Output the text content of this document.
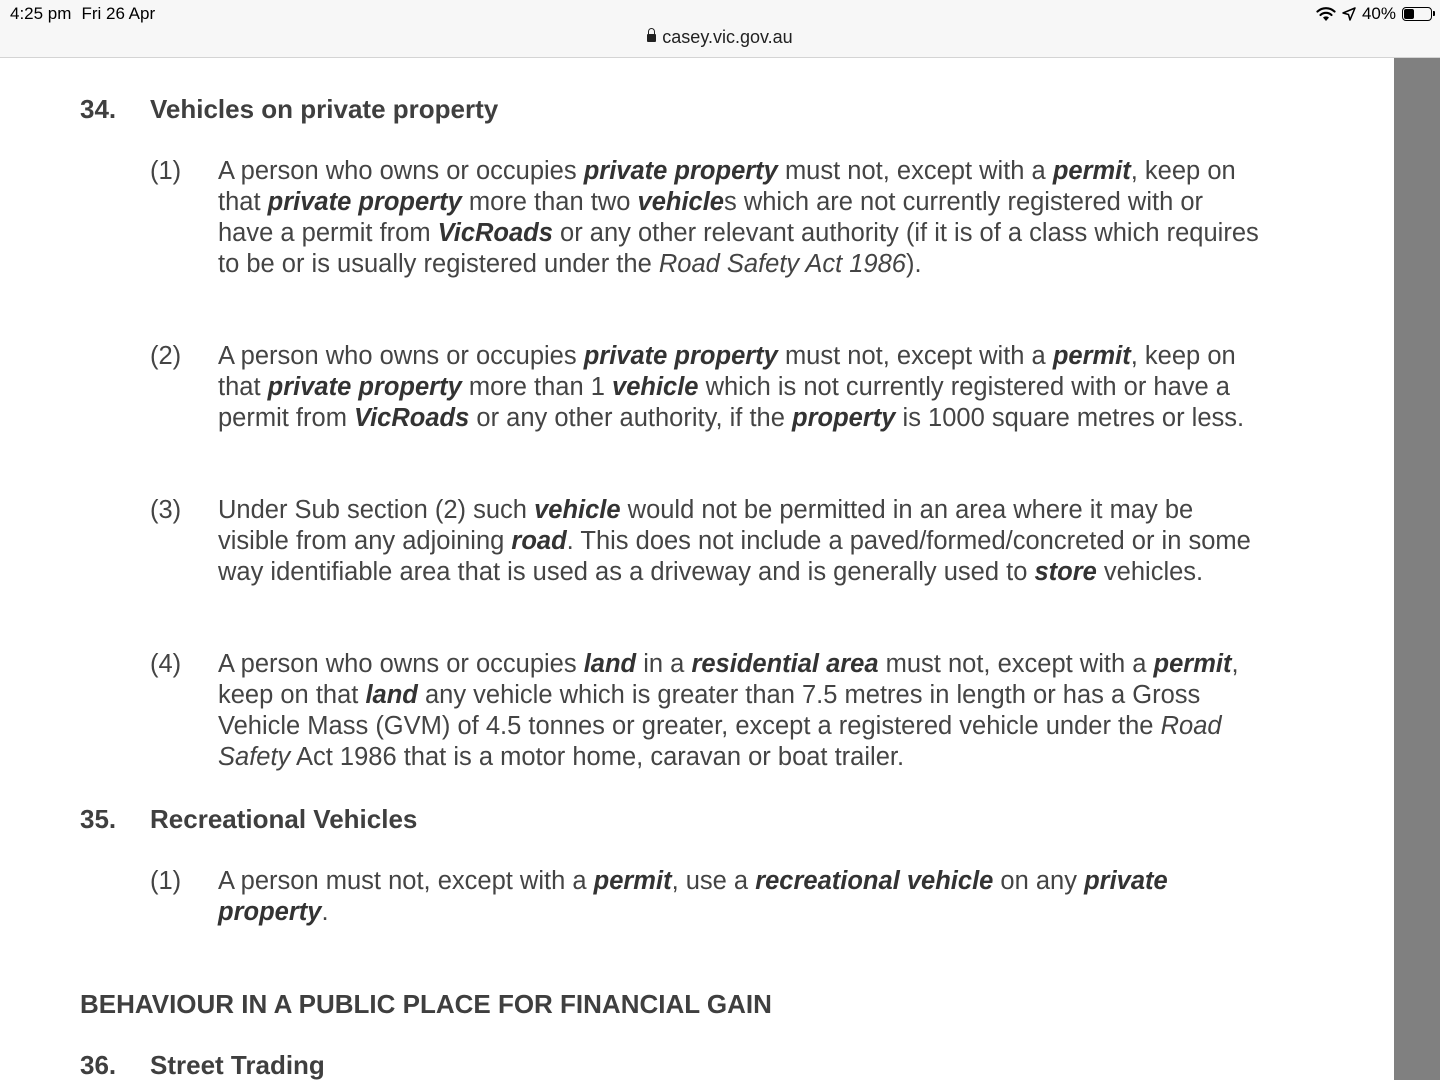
4:25 pm Fri 26 Apr	40%
casey.vic.gov.au
34. Vehicles on private property
(1) A person who owns or occupies private property must not, except with a permit, keep on that private property more than two vehicles which are not currently registered with or have a permit from VicRoads or any other relevant authority (if it is of a class which requires to be or is usually registered under the Road Safety Act 1986).
(2) A person who owns or occupies private property must not, except with a permit, keep on that private property more than 1 vehicle which is not currently registered with or have a permit from VicRoads or any other authority, if the property is 1000 square metres or less.
(3) Under Sub section (2) such vehicle would not be permitted in an area where it may be visible from any adjoining road. This does not include a paved/formed/concreted or in some way identifiable area that is used as a driveway and is generally used to store vehicles.
(4) A person who owns or occupies land in a residential area must not, except with a permit, keep on that land any vehicle which is greater than 7.5 metres in length or has a Gross Vehicle Mass (GVM) of 4.5 tonnes or greater, except a registered vehicle under the Road Safety Act 1986 that is a motor home, caravan or boat trailer.
35. Recreational Vehicles
(1) A person must not, except with a permit, use a recreational vehicle on any private property.
BEHAVIOUR IN A PUBLIC PLACE FOR FINANCIAL GAIN
36. Street Trading
